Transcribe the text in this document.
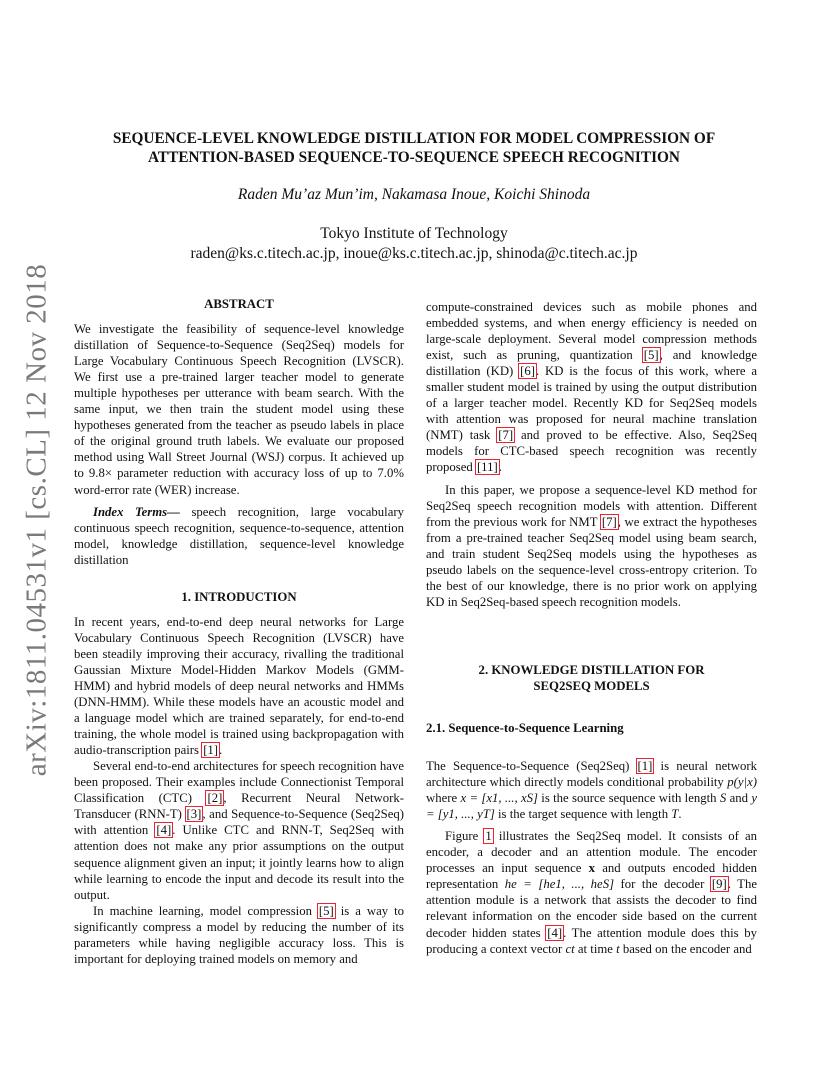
arXiv:1811.04531v1 [cs.CL] 12 Nov 2018
SEQUENCE-LEVEL KNOWLEDGE DISTILLATION FOR MODEL COMPRESSION OF ATTENTION-BASED SEQUENCE-TO-SEQUENCE SPEECH RECOGNITION

Raden Mu’az Mun’im, Nakamasa Inoue, Koichi Shinoda

Tokyo Institute of Technology
raden@ks.c.titech.ac.jp, inoue@ks.c.titech.ac.jp, shinoda@c.titech.ac.jp

ABSTRACT

We investigate the feasibility of sequence-level knowledge distillation of Sequence-to-Sequence (Seq2Seq) models for Large Vocabulary Continuous Speech Recognition (LVSCR). We first use a pre-trained larger teacher model to generate multiple hypotheses per utterance with beam search. With the same input, we then train the student model using these hypotheses generated from the teacher as pseudo labels in place of the original ground truth labels. We evaluate our proposed method using Wall Street Journal (WSJ) corpus. It achieved up to 9.8× parameter reduction with accuracy loss of up to 7.0% word-error rate (WER) increase.

Index Terms— speech recognition, large vocabulary continuous speech recognition, sequence-to-sequence, attention model, knowledge distillation, sequence-level knowledge distillation

1. INTRODUCTION

In recent years, end-to-end deep neural networks for Large Vocabulary Continuous Speech Recognition (LVSCR) have been steadily improving their accuracy, rivalling the traditional Gaussian Mixture Model-Hidden Markov Models (GMM-HMM) and hybrid models of deep neural networks and HMMs (DNN-HMM). While these models have an acoustic model and a language model which are trained separately, for end-to-end training, the whole model is trained using backpropagation with audio-transcription pairs [1].

Several end-to-end architectures for speech recognition have been proposed. Their examples include Connectionist Temporal Classification (CTC) [2], Recurrent Neural Network-Transducer (RNN-T) [3], and Sequence-to-Sequence (Seq2Seq) with attention [4]. Unlike CTC and RNN-T, Seq2Seq with attention does not make any prior assumptions on the output sequence alignment given an input; it jointly learns how to align while learning to encode the input and decode its result into the output.

In machine learning, model compression [5] is a way to significantly compress a model by reducing the number of its parameters while having negligible accuracy loss. This is important for deploying trained models on memory and

compute-constrained devices such as mobile phones and embedded systems, and when energy efficiency is needed on large-scale deployment. Several model compression methods exist, such as pruning, quantization [5], and knowledge distillation (KD) [6]. KD is the focus of this work, where a smaller student model is trained by using the output distribution of a larger teacher model. Recently KD for Seq2Seq models with attention was proposed for neural machine translation (NMT) task [7] and proved to be effective. Also, Seq2Seq models for CTC-based speech recognition was recently proposed [11].

In this paper, we propose a sequence-level KD method for Seq2Seq speech recognition models with attention. Different from the previous work for NMT [7], we extract the hypotheses from a pre-trained teacher Seq2Seq model using beam search, and train student Seq2Seq models using the hypotheses as pseudo labels on the sequence-level cross-entropy criterion. To the best of our knowledge, there is no prior work on applying KD in Seq2Seq-based speech recognition models.

2. KNOWLEDGE DISTILLATION FOR SEQ2SEQ MODELS

2.1. Sequence-to-Sequence Learning

The Sequence-to-Sequence (Seq2Seq) [1] is neural network architecture which directly models conditional probability p(y|x) where x = [x1, ..., xS] is the source sequence with length S and y = [y1, ..., yT] is the target sequence with length T.

Figure 1 illustrates the Seq2Seq model. It consists of an encoder, a decoder and an attention module. The encoder processes an input sequence x and outputs encoded hidden representation he = [he1, ..., heS] for the decoder [9]. The attention module is a network that assists the decoder to find relevant information on the encoder side based on the current decoder hidden states [4]. The attention module does this by producing a context vector ct at time t based on the encoder and
